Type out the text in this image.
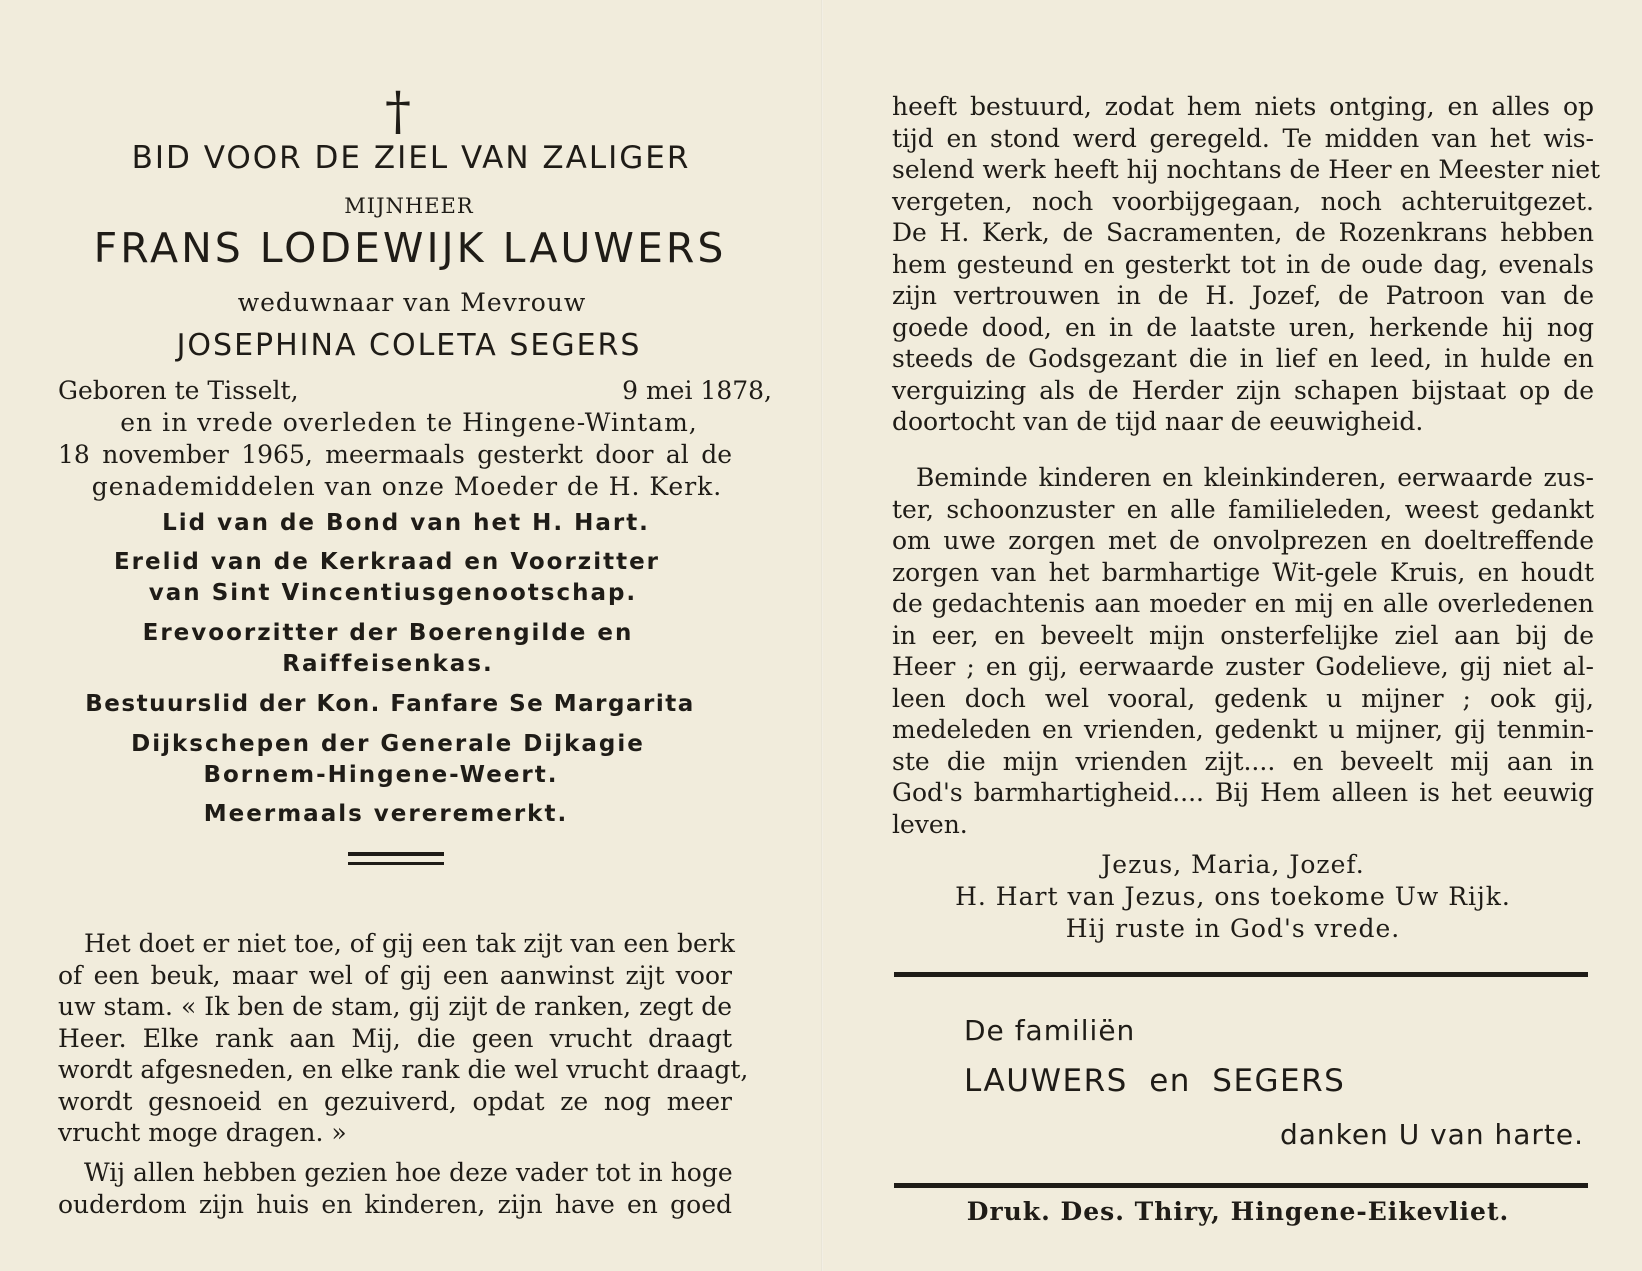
†
BID VOOR DE ZIEL VAN ZALIGER
MIJNHEER
FRANS LODEWIJK LAUWERS
weduwnaar van Mevrouw
JOSEPHINA COLETA SEGERS
Geboren te Tisselt,	9 mei 1878,
en in vrede overleden te Hingene-Wintam,
18 november 1965, meermaals gesterkt door al de
genademiddelen van onze Moeder de H. Kerk.
Lid van de Bond van het H. Hart.
Erelid van de Kerkraad en Voorzitter
van Sint Vincentiusgenootschap.
Erevoorzitter der Boerengilde en
Raiffeisenkas.
Bestuurslid der Kon. Fanfare Se Margarita
Dijkschepen der Generale Dijkagie
Bornem-Hingene-Weert.
Meermaals vereremerkt.
Het doet er niet toe, of gij een tak zijt van een berk
of een beuk, maar wel of gij een aanwinst zijt voor
uw stam. « Ik ben de stam, gij zijt de ranken, zegt de
Heer. Elke rank aan Mij, die geen vrucht draagt
wordt afgesneden, en elke rank die wel vrucht draagt,
wordt gesnoeid en gezuiverd, opdat ze nog meer
vrucht moge dragen. »
Wij allen hebben gezien hoe deze vader tot in hoge
ouderdom zijn huis en kinderen, zijn have en goed
heeft bestuurd, zodat hem niets ontging, en alles op
tijd en stond werd geregeld. Te midden van het wis-
selend werk heeft hij nochtans de Heer en Meester niet
vergeten, noch voorbijgegaan, noch achteruitgezet.
De H. Kerk, de Sacramenten, de Rozenkrans hebben
hem gesteund en gesterkt tot in de oude dag, evenals
zijn vertrouwen in de H. Jozef, de Patroon van de
goede dood, en in de laatste uren, herkende hij nog
steeds de Godsgezant die in lief en leed, in hulde en
verguizing als de Herder zijn schapen bijstaat op de
doortocht van de tijd naar de eeuwigheid.
Beminde kinderen en kleinkinderen, eerwaarde zus-
ter, schoonzuster en alle familieleden, weest gedankt
om uwe zorgen met de onvolprezen en doeltreffende
zorgen van het barmhartige Wit-gele Kruis, en houdt
de gedachtenis aan moeder en mij en alle overledenen
in eer, en beveelt mijn onsterfelijke ziel aan bij de
Heer ; en gij, eerwaarde zuster Godelieve, gij niet al-
leen doch wel vooral, gedenk u mijner ; ook gij,
medeleden en vrienden, gedenkt u mijner, gij tenmin-
ste die mijn vrienden zijt.... en beveelt mij aan in
God's barmhartigheid.... Bij Hem alleen is het eeuwig
leven.
Jezus, Maria, Jozef.
H. Hart van Jezus, ons toekome Uw Rijk.
Hij ruste in God's vrede.
De familiën
LAUWERS en SEGERS
danken U van harte.
Druk. Des. Thiry, Hingene-Eikevliet.
